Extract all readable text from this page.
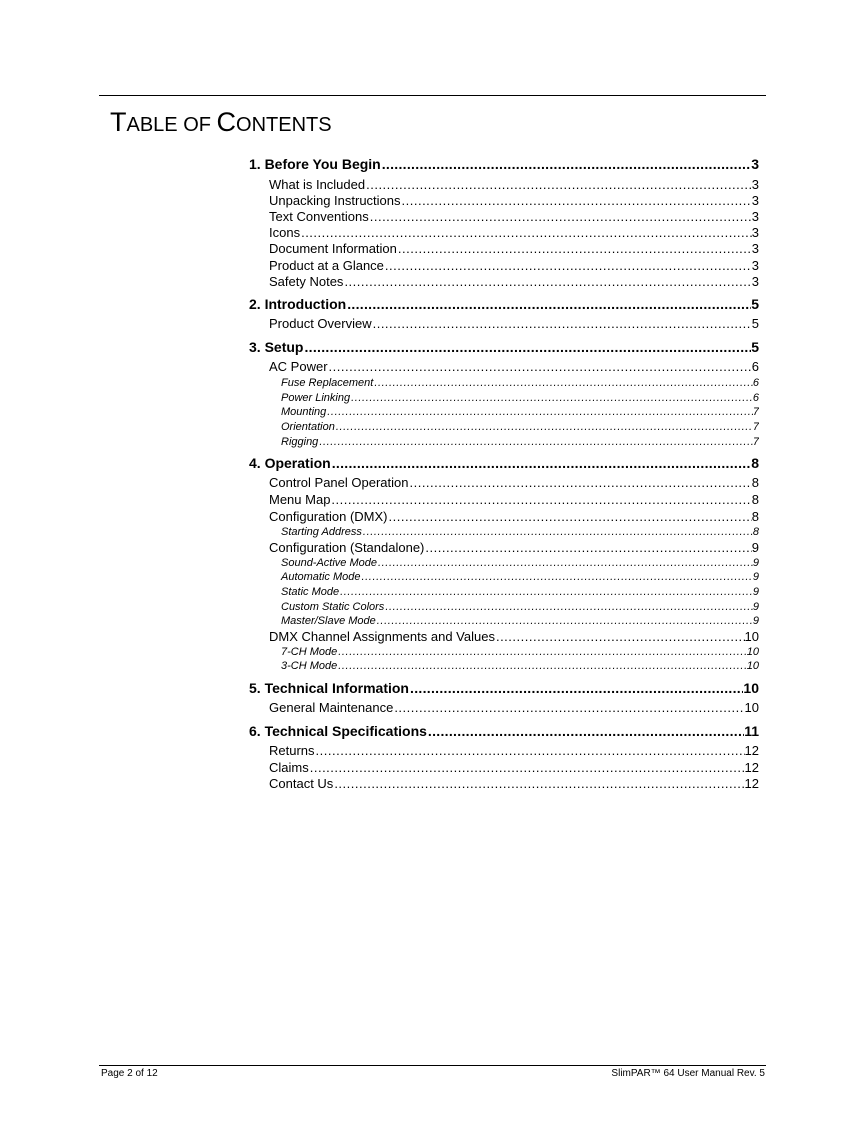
TABLE OF CONTENTS
1. Before You Begin .....	3
What is Included .....	3
Unpacking Instructions .....	3
Text Conventions .....	3
Icons .....	3
Document Information .....	3
Product at a Glance .....	3
Safety Notes .....	3
2. Introduction .....	5
Product Overview .....	5
3. Setup .....	5
AC Power .....	6
Fuse Replacement .....	6
Power Linking .....	6
Mounting .....	7
Orientation .....	7
Rigging .....	7
4. Operation .....	8
Control Panel Operation .....	8
Menu Map .....	8
Configuration (DMX) .....	8
Starting Address .....	8
Configuration (Standalone) .....	9
Sound-Active Mode .....	9
Automatic Mode .....	9
Static Mode .....	9
Custom Static Colors .....	9
Master/Slave Mode .....	9
DMX Channel Assignments and Values .....	10
7-CH Mode .....	10
3-CH Mode .....	10
5. Technical Information .....	10
General Maintenance .....	10
6. Technical Specifications .....	11
Returns .....	12
Claims .....	12
Contact Us .....	12
Page 2 of 12	SlimPAR™ 64 User Manual Rev. 5
